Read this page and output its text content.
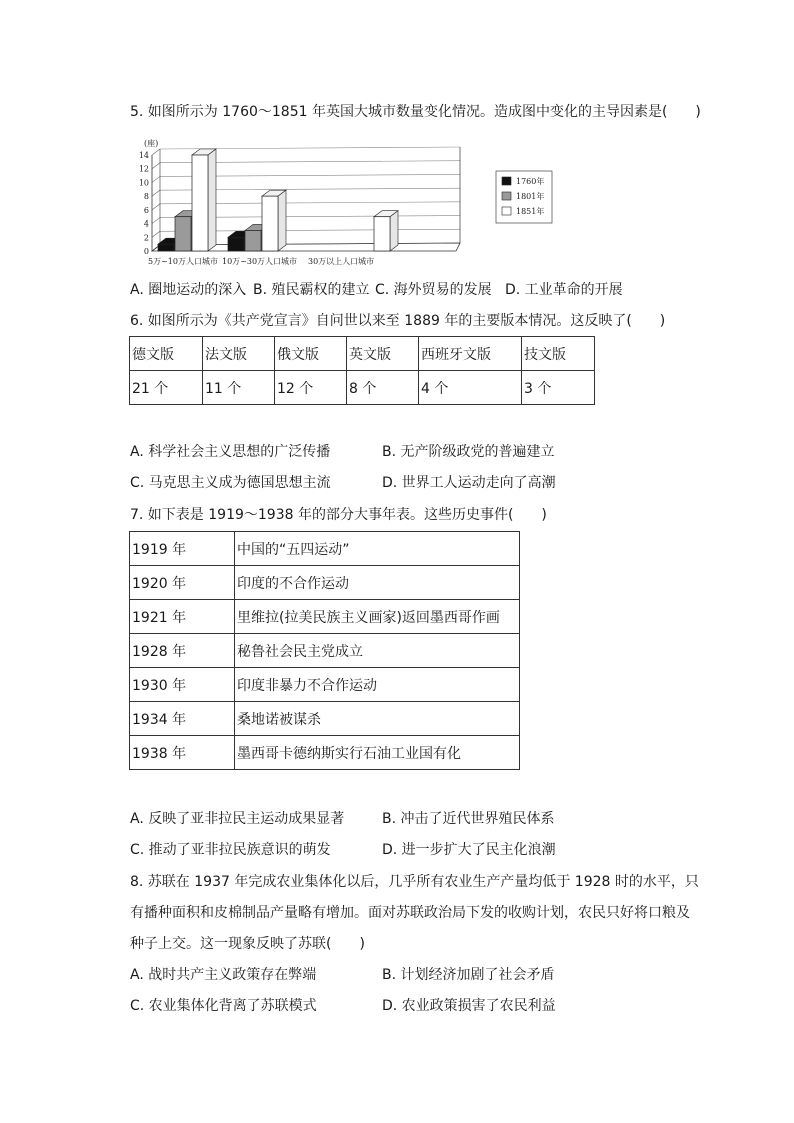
5. 如图所示为 1760～1851 年英国大城市数量变化情况。造成图中变化的主导因素是(　　)
0
2
4
6
8
10
12
14
(座)
5万~10万人口城市 10万~30万人口城市 30万以上人口城市
1760年
1801年
1851年
A. 圈地运动的深入 B. 殖民霸权的建立 C. 海外贸易的发展 D. 工业革命的开展
6. 如图所示为《共产党宣言》自问世以来至 1889 年的主要版本情况。这反映了(　　)
德文版	法文版	俄文版	英文版	西班牙文版	技文版
21 个	11 个	12 个	8 个	4 个	3 个
A. 科学社会主义思想的广泛传播	B. 无产阶级政党的普遍建立
C. 马克思主义成为德国思想主流	D. 世界工人运动走向了高潮
7. 如下表是 1919～1938 年的部分大事年表。这些历史事件(　　)
1919 年	中国的“五四运动”
1920 年	印度的不合作运动
1921 年	里维拉(拉美民族主义画家)返回墨西哥作画
1928 年	秘鲁社会民主党成立
1930 年	印度非暴力不合作运动
1934 年	桑地诺被谋杀
1938 年	墨西哥卡德纳斯实行石油工业国有化
A. 反映了亚非拉民主运动成果显著	B. 冲击了近代世界殖民体系
C. 推动了亚非拉民族意识的萌发	D. 进一步扩大了民主化浪潮
8. 苏联在 1937 年完成农业集体化以后，几乎所有农业生产产量均低于 1928 时的水平，只
有播种面积和皮棉制品产量略有增加。面对苏联政治局下发的收购计划，农民只好将口粮及
种子上交。这一现象反映了苏联(　　)
A. 战时共产主义政策存在弊端	B. 计划经济加剧了社会矛盾
C. 农业集体化背离了苏联模式	D. 农业政策损害了农民利益
